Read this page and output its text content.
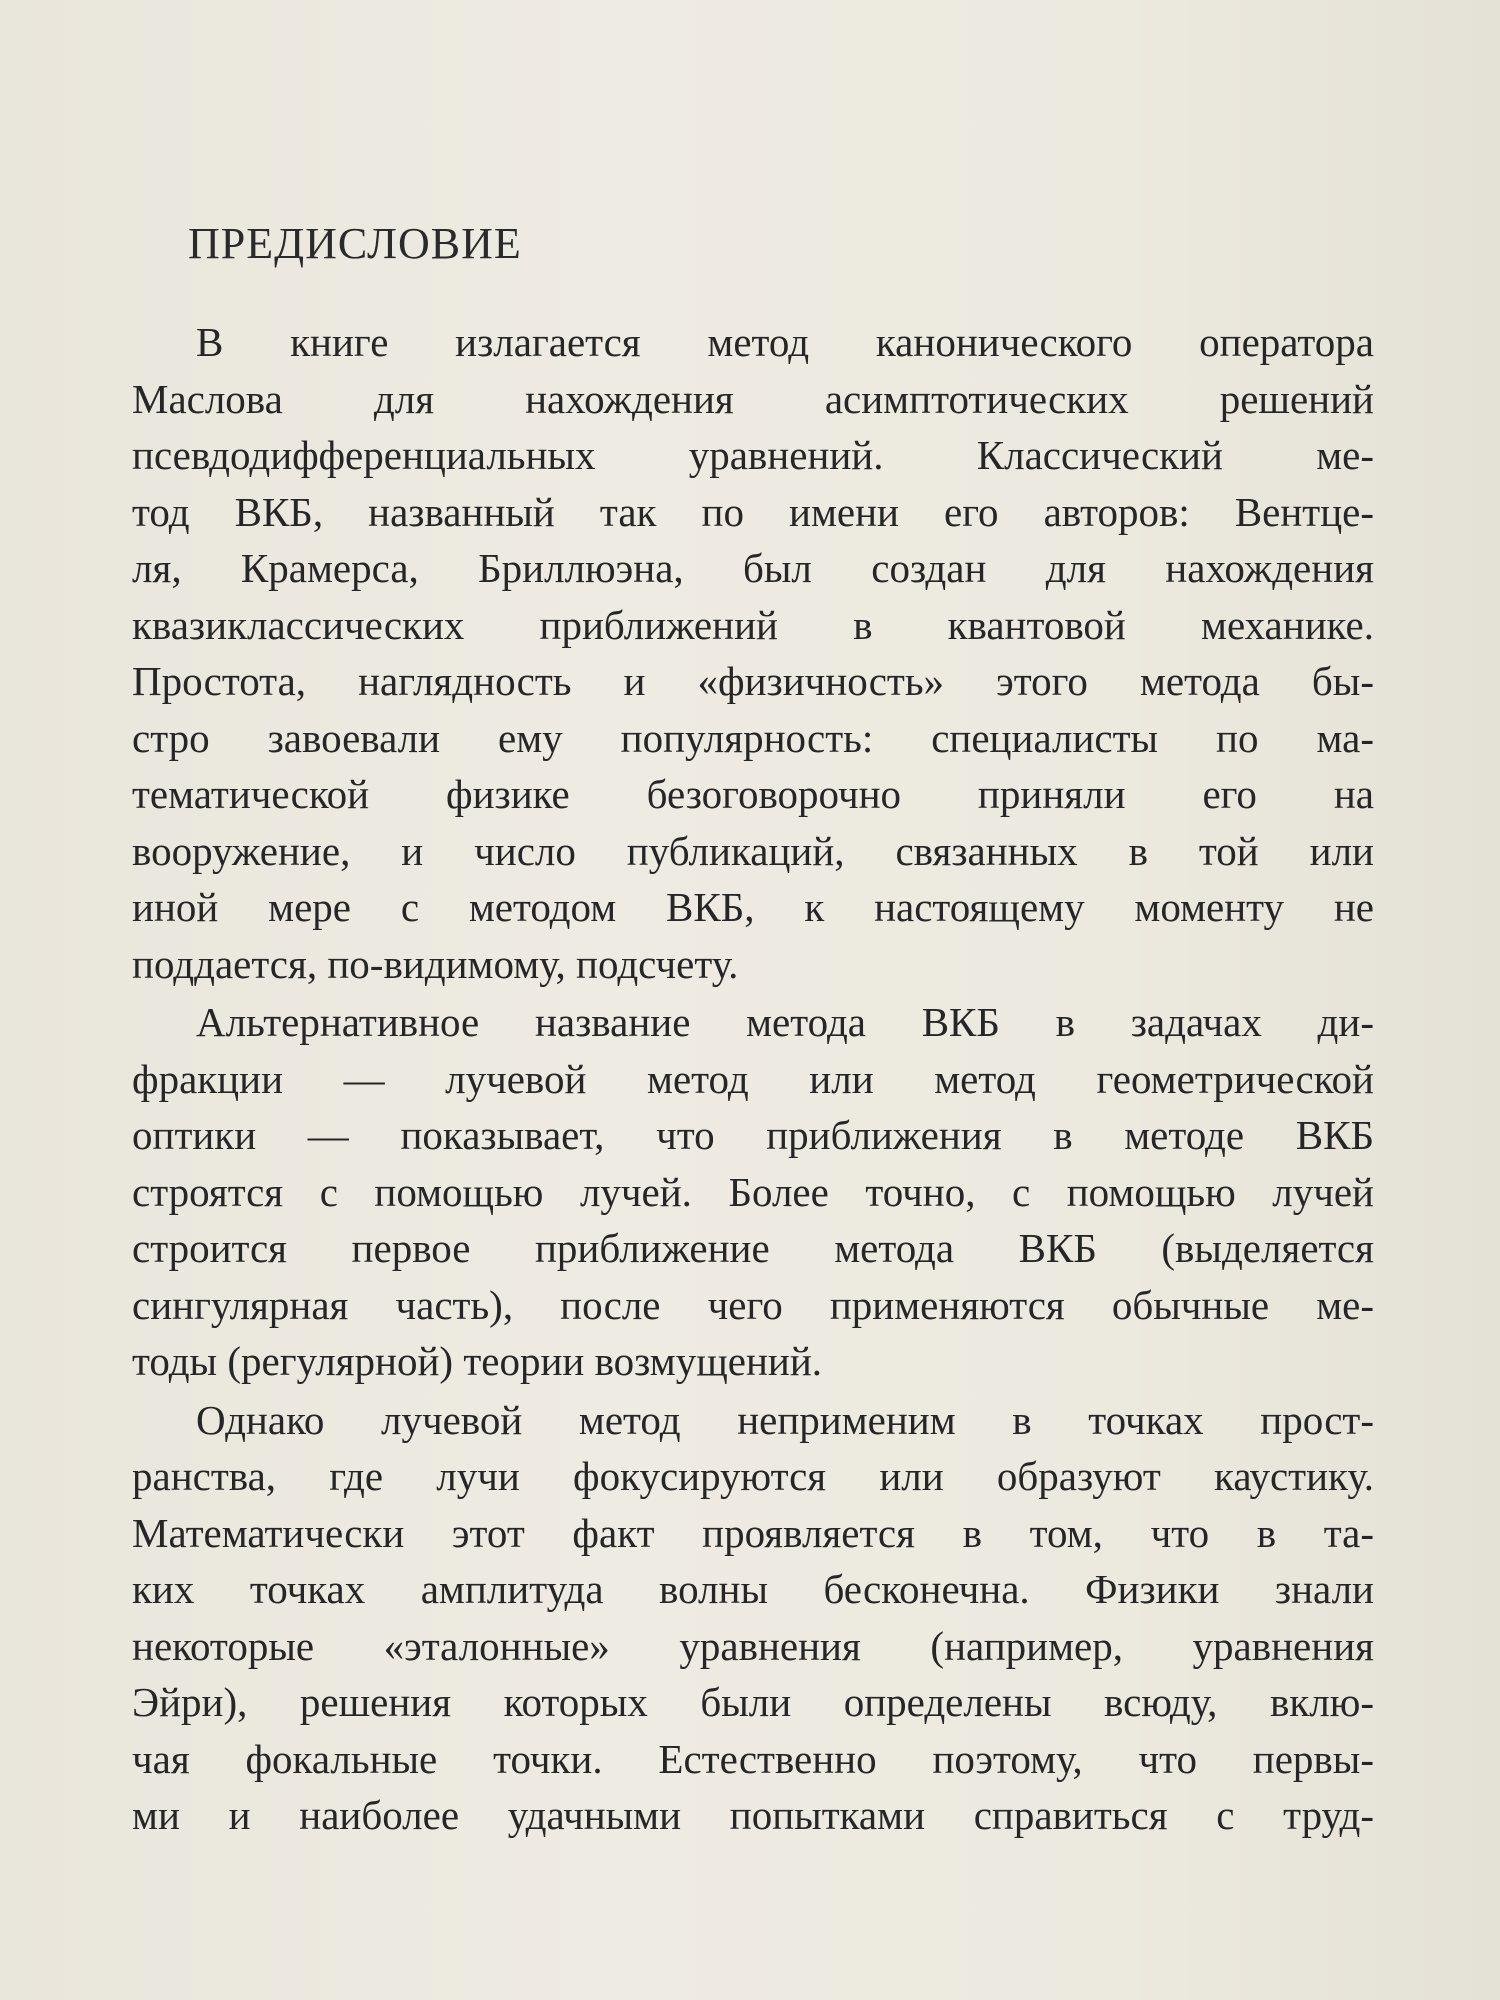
ПРЕДИСЛОВИЕ

В книге излагается метод канонического оператора
Маслова для нахождения асимптотических решений
псевдодифференциальных уравнений. Классический ме-
тод ВКБ, названный так по имени его авторов: Вентце-
ля, Крамерса, Бриллюэна, был создан для нахождения
квазиклассических приближений в квантовой механике.
Простота, наглядность и «физичность» этого метода бы-
стро завоевали ему популярность: специалисты по ма-
тематической физике безоговорочно приняли его на
вооружение, и число публикаций, связанных в той или
иной мере с методом ВКБ, к настоящему моменту не
поддается, по-видимому, подсчету.

Альтернативное название метода ВКБ в задачах ди-
фракции — лучевой метод или метод геометрической
оптики — показывает, что приближения в методе ВКБ
строятся с помощью лучей. Более точно, с помощью лучей
строится первое приближение метода ВКБ (выделяется
сингулярная часть), после чего применяются обычные ме-
тоды (регулярной) теории возмущений.

Однако лучевой метод неприменим в точках прост-
ранства, где лучи фокусируются или образуют каустику.
Математически этот факт проявляется в том, что в та-
ких точках амплитуда волны бесконечна. Физики знали
некоторые «эталонные» уравнения (например, уравнения
Эйри), решения которых были определены всюду, вклю-
чая фокальные точки. Естественно поэтому, что первы-
ми и наиболее удачными попытками справиться с труд-
